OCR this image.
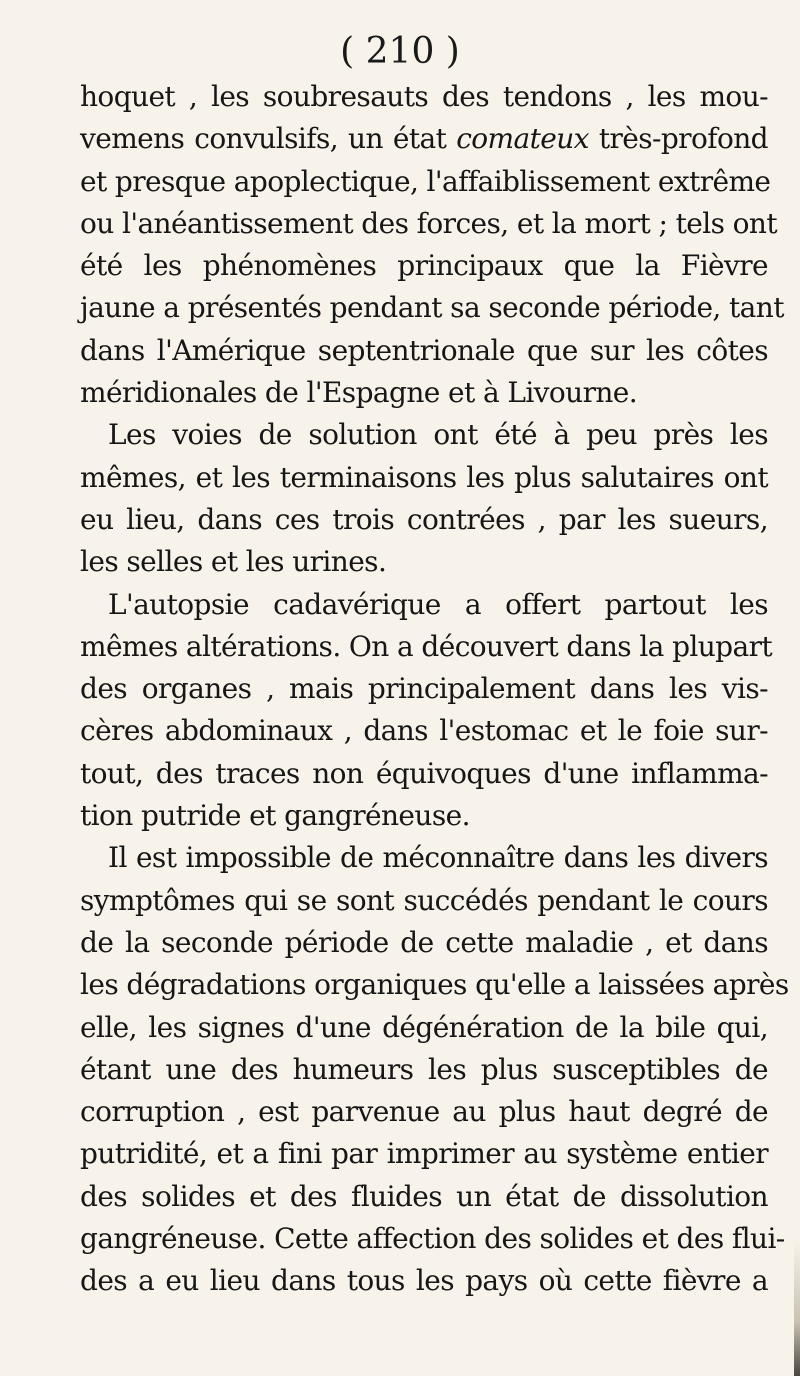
( 210 )
hoquet , les soubresauts des tendons , les mou-
vemens convulsifs, un état comateux très-profond
et presque apoplectique, l'affaiblissement extrême
ou l'anéantissement des forces, et la mort ; tels ont
été les phénomènes principaux que la Fièvre
jaune a présentés pendant sa seconde période, tant
dans l'Amérique septentrionale que sur les côtes
méridionales de l'Espagne et à Livourne.
Les voies de solution ont été à peu près les
mêmes, et les terminaisons les plus salutaires ont
eu lieu, dans ces trois contrées , par les sueurs,
les selles et les urines.
L'autopsie cadavérique a offert partout les
mêmes altérations. On a découvert dans la plupart
des organes , mais principalement dans les vis-
cères abdominaux , dans l'estomac et le foie sur-
tout, des traces non équivoques d'une inflamma-
tion putride et gangréneuse.
Il est impossible de méconnaître dans les divers
symptômes qui se sont succédés pendant le cours
de la seconde période de cette maladie , et dans
les dégradations organiques qu'elle a laissées après
elle, les signes d'une dégénération de la bile qui,
étant une des humeurs les plus susceptibles de
corruption , est parvenue au plus haut degré de
putridité, et a fini par imprimer au système entier
des solides et des fluides un état de dissolution
gangréneuse. Cette affection des solides et des flui-
des a eu lieu dans tous les pays où cette fièvre a
